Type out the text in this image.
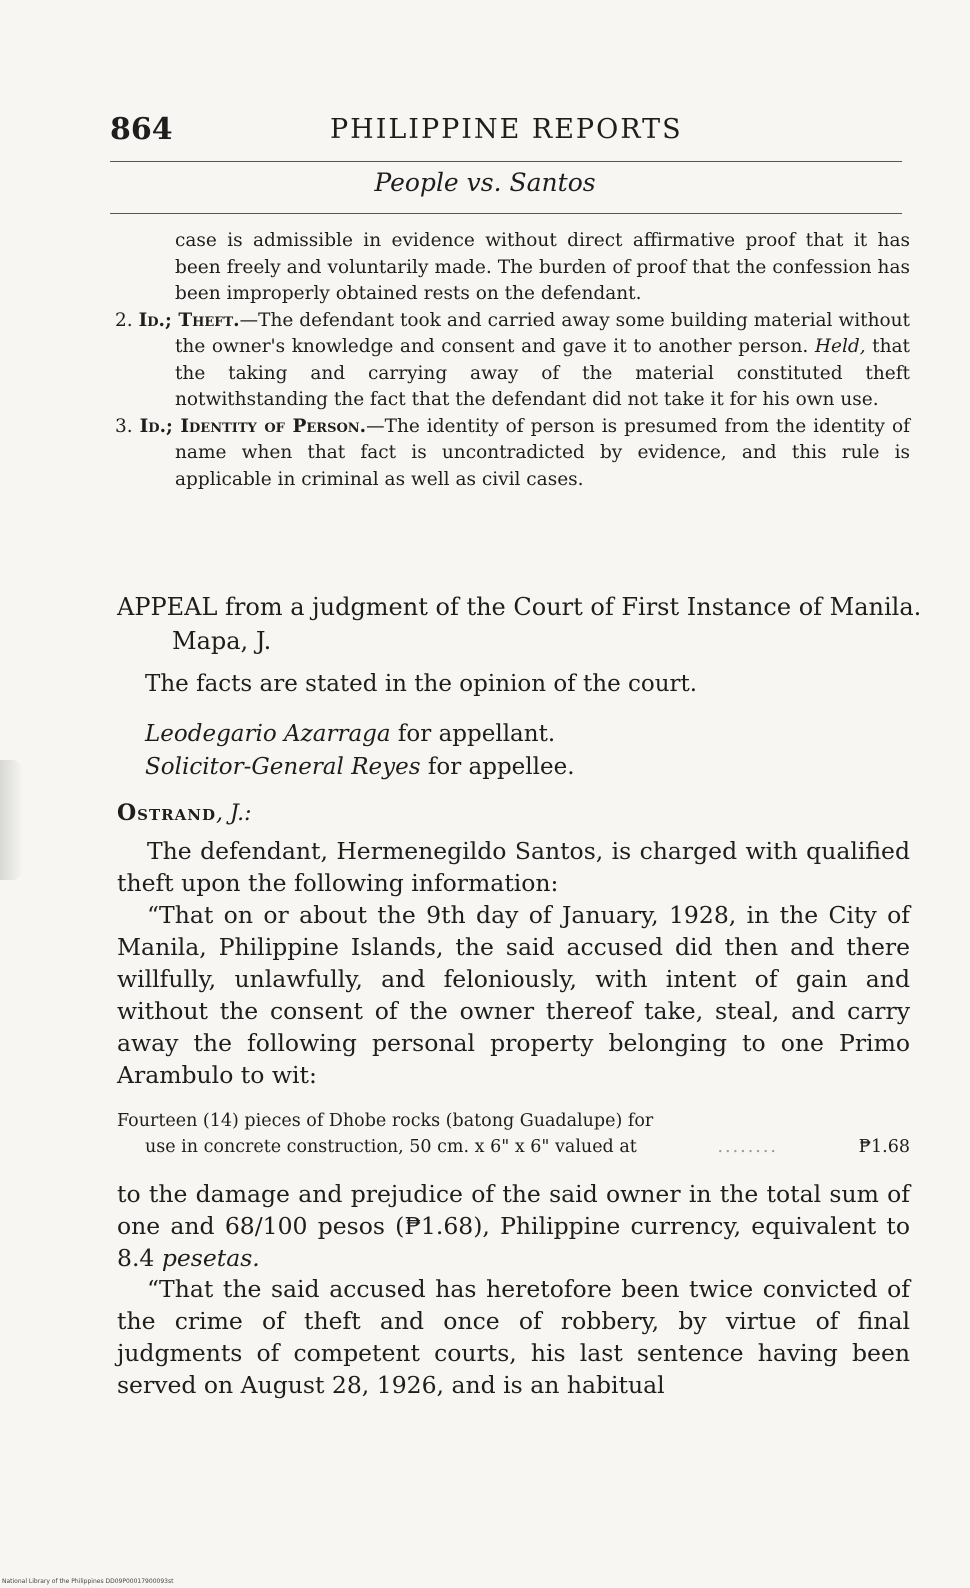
864	PHILIPPINE REPORTS
People vs. Santos
case is admissible in evidence without direct affirmative proof that it has been freely and voluntarily made. The burden of proof that the confession has been improperly obtained rests on the defendant.
2. Id.; Theft.—The defendant took and carried away some building material without the owner's knowledge and consent and gave it to another person. Held, that the taking and carrying away of the material constituted theft notwithstanding the fact that the defendant did not take it for his own use.
3. Id.; Identity of Person.—The identity of person is presumed from the identity of name when that fact is uncontradicted by evidence, and this rule is applicable in criminal as well as civil cases.
APPEAL from a judgment of the Court of First Instance of Manila. Mapa, J.
The facts are stated in the opinion of the court.
Leodegario Azarraga for appellant.
Solicitor-General Reyes for appellee.
Ostrand, J.:
The defendant, Hermenegildo Santos, is charged with qualified theft upon the following information:
“That on or about the 9th day of January, 1928, in the City of Manila, Philippine Islands, the said accused did then and there willfully, unlawfully, and feloniously, with intent of gain and without the consent of the owner thereof take, steal, and carry away the following personal property belonging to one Primo Arambulo to wit:
Fourteen (14) pieces of Dhobe rocks (batong Guadalupe) for
use in concrete construction, 50 cm. x 6" x 6" valued at	........	₱1.68
to the damage and prejudice of the said owner in the total sum of one and 68/100 pesos (₱1.68), Philippine currency, equivalent to 8.4 pesetas.
“That the said accused has heretofore been twice convicted of the crime of theft and once of robbery, by virtue of final judgments of competent courts, his last sentence having been served on August 28, 1926, and is an habitual
National Library of the Philippines DD09P00017900093st
